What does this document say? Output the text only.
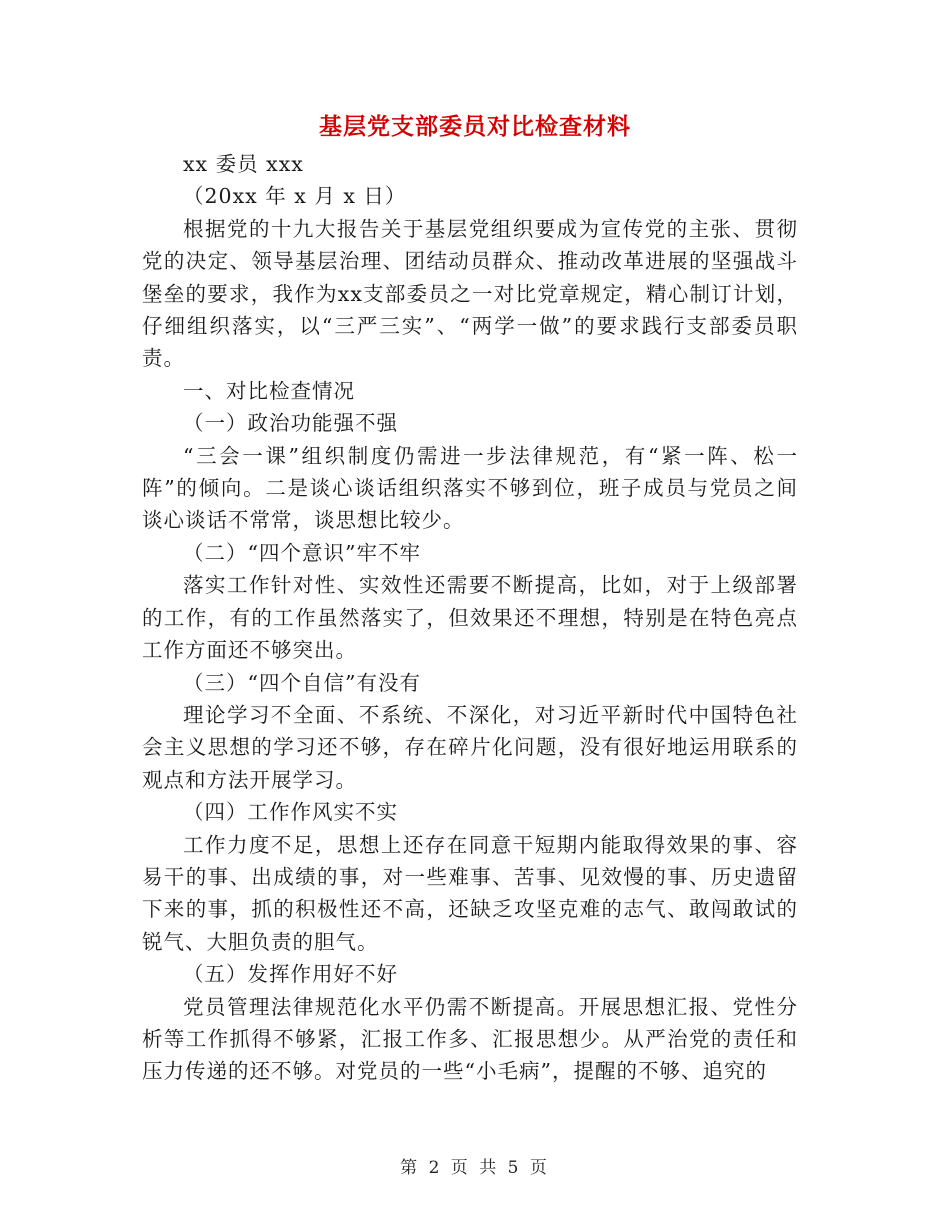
基层党支部委员对比检查材料

xx 委员 xxx

（20xx 年 x 月 x 日）

根据党的十九大报告关于基层党组织要成为宣传党的主张、贯彻党的决定、领导基层治理、团结动员群众、推动改革进展的坚强战斗堡垒的要求，我作为xx支部委员之一对比党章规定，精心制订计划，仔细组织落实，以“三严三实”、“两学一做”的要求践行支部委员职责。

一、对比检查情况

（一）政治功能强不强

“三会一课”组织制度仍需进一步法律规范，有“紧一阵、松一阵”的倾向。二是谈心谈话组织落实不够到位，班子成员与党员之间谈心谈话不常常，谈思想比较少。

（二）“四个意识”牢不牢

落实工作针对性、实效性还需要不断提高，比如，对于上级部署的工作，有的工作虽然落实了，但效果还不理想，特别是在特色亮点工作方面还不够突出。

（三）“四个自信”有没有

理论学习不全面、不系统、不深化，对习近平新时代中国特色社会主义思想的学习还不够，存在碎片化问题，没有很好地运用联系的观点和方法开展学习。

（四）工作作风实不实

工作力度不足，思想上还存在同意干短期内能取得效果的事、容易干的事、出成绩的事，对一些难事、苦事、见效慢的事、历史遗留下来的事，抓的积极性还不高，还缺乏攻坚克难的志气、敢闯敢试的锐气、大胆负责的胆气。

（五）发挥作用好不好

党员管理法律规范化水平仍需不断提高。开展思想汇报、党性分析等工作抓得不够紧，汇报工作多、汇报思想少。从严治党的责任和压力传递的还不够。对党员的一些“小毛病”，提醒的不够、追究的

第 2 页 共 5 页
